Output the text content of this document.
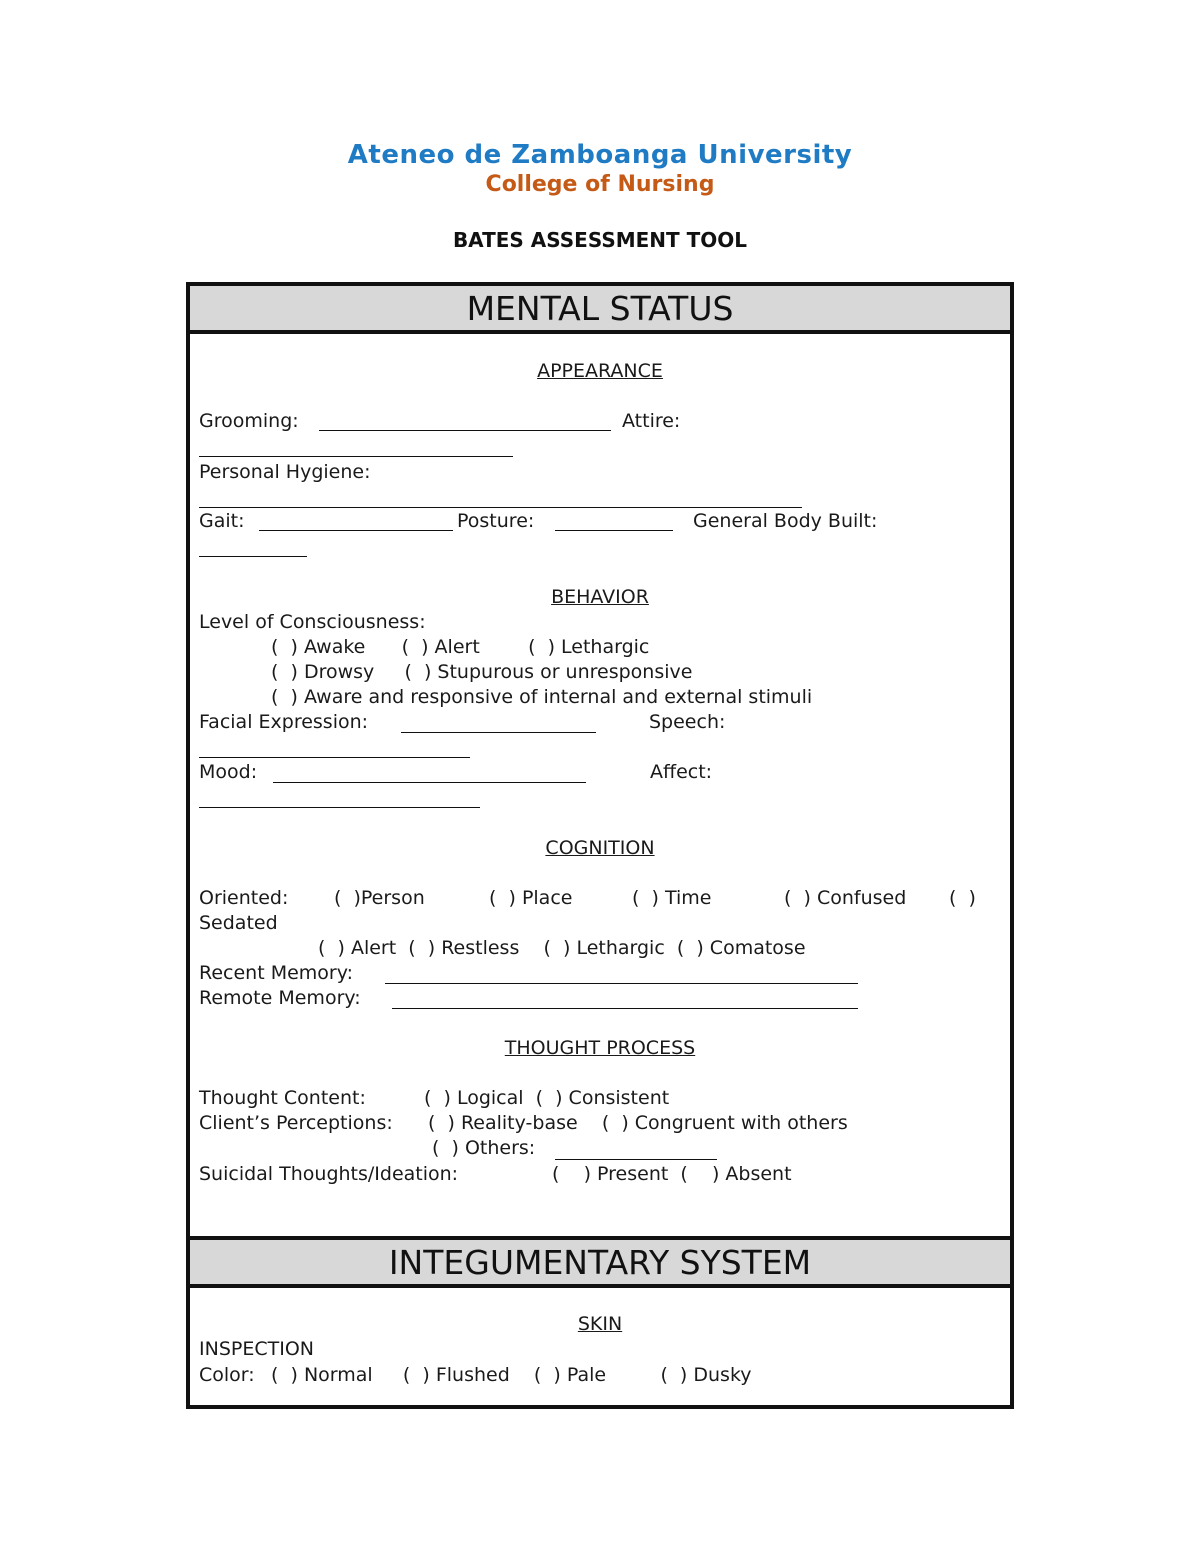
Ateneo de Zamboanga University
College of Nursing
BATES ASSESSMENT TOOL
MENTAL STATUS
APPEARANCE
Grooming:	Attire:
Personal Hygiene:
Gait:	Posture:	General Body Built:
BEHAVIOR
Level of Consciousness:
(  ) Awake      (  ) Alert        (  ) Lethargic
(  ) Drowsy     (  ) Stupurous or unresponsive
(  ) Aware and responsive of internal and external stimuli
Facial Expression:	Speech:
Mood:	Affect:
COGNITION
Oriented: (  )Person	(  ) Place	(  ) Time	(  ) Confused (  )
Sedated
(  ) Alert  (  ) Restless    (  ) Lethargic  (  ) Comatose
Recent Memory:
Remote Memory:
THOUGHT PROCESS
Thought Content:	(  ) Logical  (  ) Consistent
Client’s Perceptions: (  ) Reality-base    (  ) Congruent with others
(  ) Others:
Suicidal Thoughts/Ideation:	(    ) Present  (    ) Absent
INTEGUMENTARY SYSTEM
SKIN
INSPECTION
Color: (  ) Normal     (  ) Flushed    (  ) Pale         (  ) Dusky
